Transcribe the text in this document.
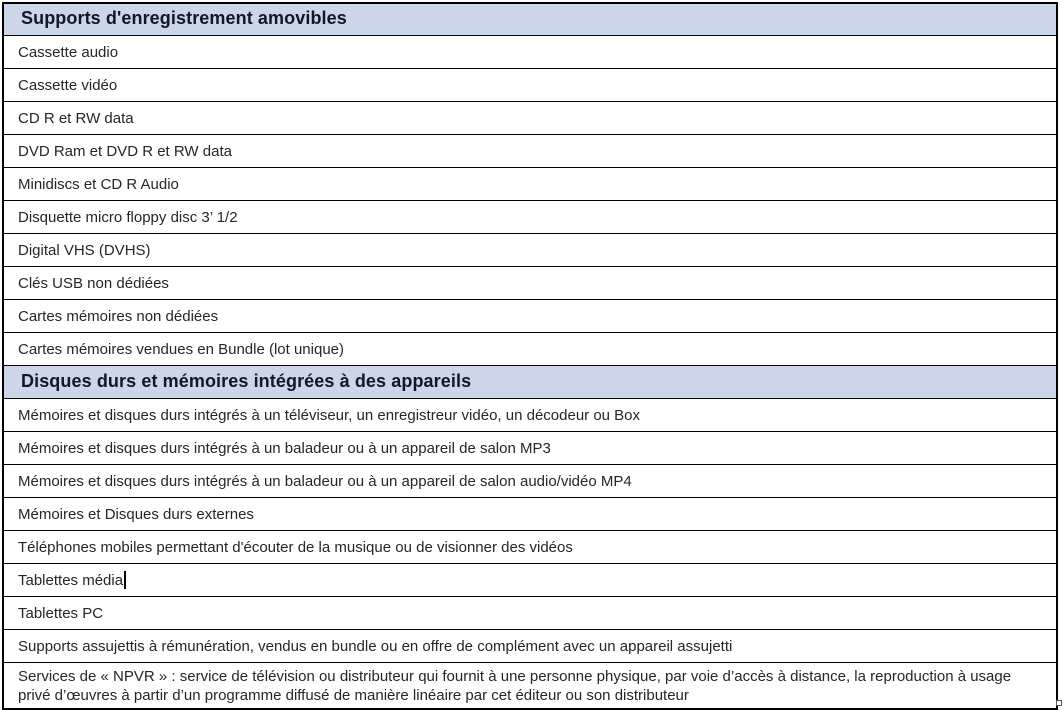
Supports d'enregistrement amovibles
Cassette audio
Cassette vidéo
CD R et RW data
DVD Ram et DVD R et RW data
Minidiscs et CD R Audio
Disquette micro floppy disc 3’ 1/2
Digital VHS (DVHS)
Clés USB non dédiées
Cartes mémoires non dédiées
Cartes mémoires vendues en Bundle (lot unique)
Disques durs et mémoires intégrées à des appareils
Mémoires et disques durs intégrés à un téléviseur, un enregistreur vidéo, un décodeur ou Box
Mémoires et disques durs intégrés à un baladeur ou à un appareil de salon MP3
Mémoires et disques durs intégrés à un baladeur ou à un appareil de salon audio/vidéo MP4
Mémoires et Disques durs externes
Téléphones mobiles permettant d'écouter de la musique ou de visionner des vidéos
Tablettes média
Tablettes PC
Supports assujettis à rémunération, vendus en bundle ou en offre de complément avec un appareil assujetti
Services de « NPVR » : service de télévision ou distributeur qui fournit à une personne physique, par voie d’accès à distance, la reproduction à usage privé d’œuvres à partir d’un programme diffusé de manière linéaire par cet éditeur ou son distributeur
